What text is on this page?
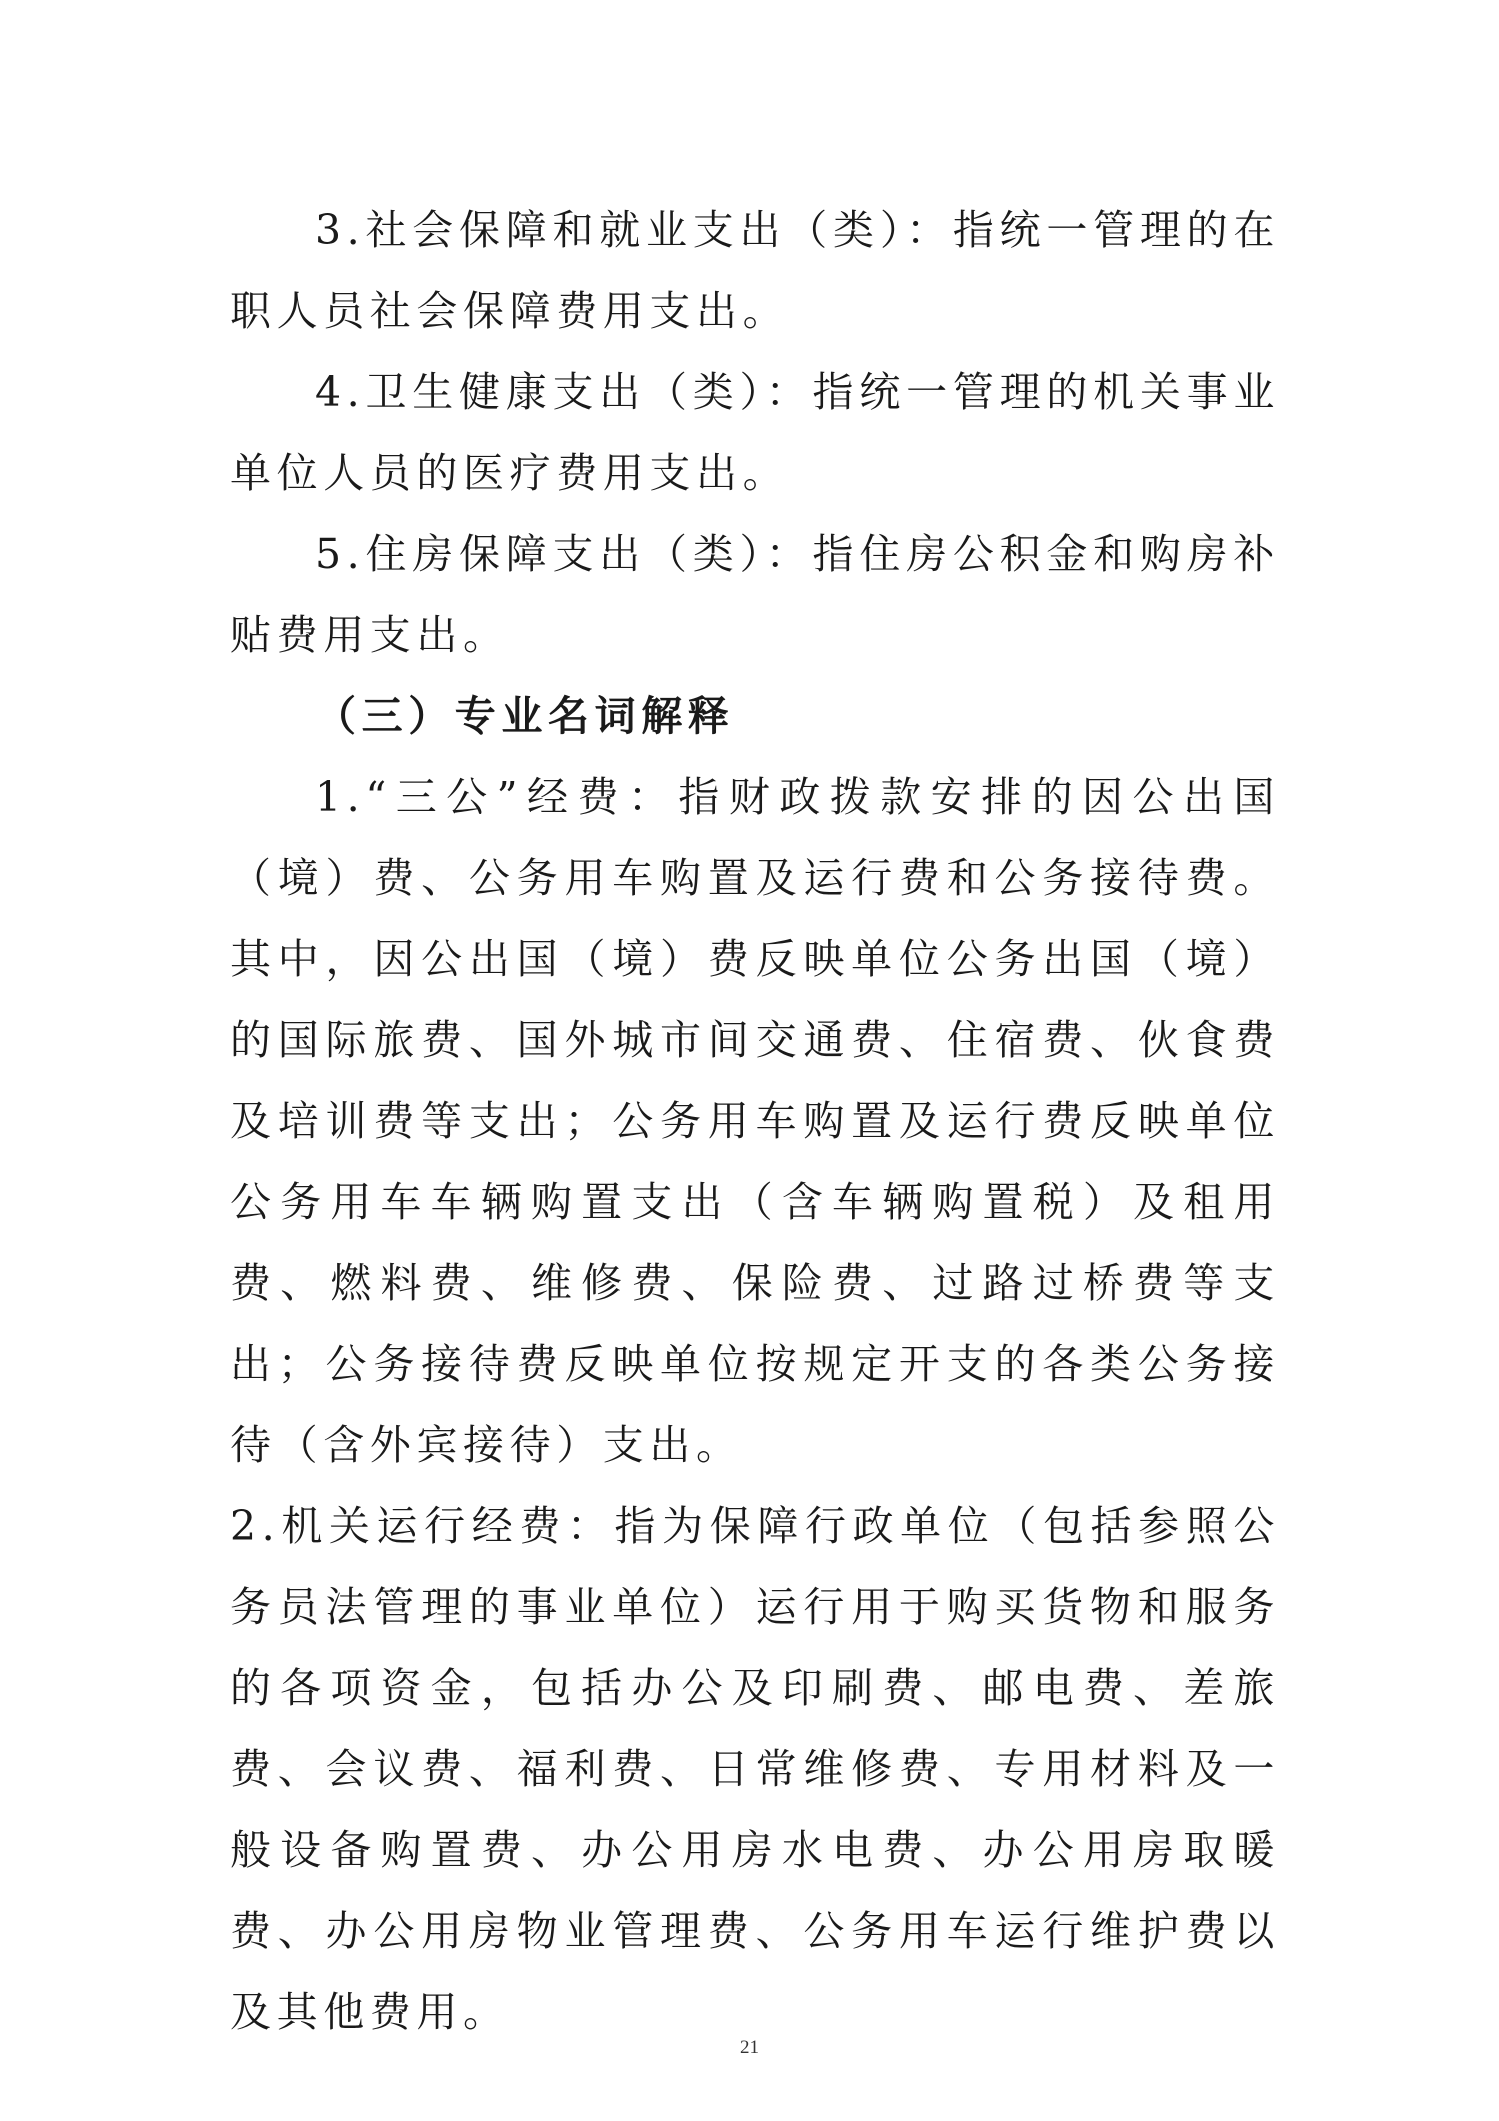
3.社会保障和就业支出（类）：指统一管理的在职人员社会保障费用支出。

4.卫生健康支出（类）：指统一管理的机关事业单位人员的医疗费用支出。

5.住房保障支出（类）：指住房公积金和购房补贴费用支出。

（三）专业名词解释

1.“三公”经费：指财政拨款安排的因公出国（境）费、公务用车购置及运行费和公务接待费。其中，因公出国（境）费反映单位公务出国（境）的国际旅费、国外城市间交通费、住宿费、伙食费及培训费等支出；公务用车购置及运行费反映单位公务用车车辆购置支出（含车辆购置税）及租用费、燃料费、维修费、保险费、过路过桥费等支出；公务接待费反映单位按规定开支的各类公务接待（含外宾接待）支出。

2.机关运行经费：指为保障行政单位（包括参照公务员法管理的事业单位）运行用于购买货物和服务的各项资金，包括办公及印刷费、邮电费、差旅费、会议费、福利费、日常维修费、专用材料及一般设备购置费、办公用房水电费、办公用房取暖费、办公用房物业管理费、公务用车运行维护费以及其他费用。

21
